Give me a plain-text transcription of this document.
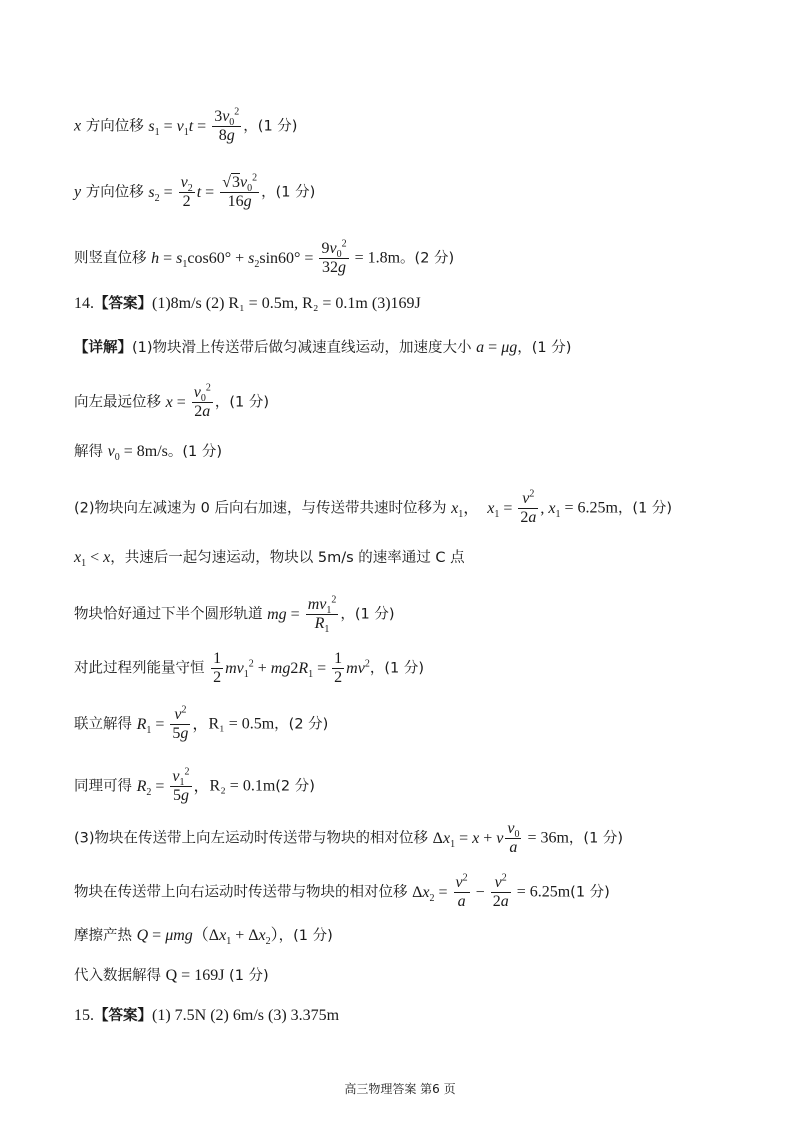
x 方向位移 $s_1 = v_1t = \frac{3v_0^2}{8g}$ ，(1 分)
y 方向位移 $s_2 = \frac{v_2}{2}$ $t = \frac{√3v_0^2}{16g}$ ，(1 分)
则竖直位移 $h = s_1\cos 60^\circ + s_2\sin 60^\circ = \frac{9v_0^2}{32g} = 1.8m$。(2 分)
14.【答案】(1)8m/s (2) R₁ = 0.5m, R₂ = 0.1m (3)169J
【详解】(1)物块滑上传送带后做匀减速直线运动，加速度大小 a = μg，(1 分)
向左最远位移 $x = \frac{v_0^2}{2a}$ ，(1 分)
解得 $v_0 = 8m/s$。(1 分)
(2)物块向左减速为 0 后向右加速，与传送带共速时位移为 $x_1$，  $x_1 = \frac{v^2}{2a}$ , $x_1 = 6.25m$，(1 分)
$x_1 < x$，共速后一起匀速运动，物块以 5m/s 的速率通过 C 点
物块恰好通过下半个圆形轨道 mg = $\frac{mv_1^2}{R_1}$ ，(1 分)
对此过程列能量守恒 $\frac{1}{2} mv_1^2 + mg2R_1 = \frac{1}{2} mv^2$，(1 分)
联立解得 $R_1 = \frac{v^2}{5g}$ ，R₁ = 0.5m，(2 分)
同理可得 $R_2 = \frac{v_1^2}{5g}$ ，R₂ = 0.1m(2 分)
(3)物块在传送带上向左运动时传送带与物块的相对位移 $\Delta x_1 = x + v \frac{v_0}{a} = 36m$，(1 分)
物块在传送带上向右运动时传送带与物块的相对位移 $\Delta x_2 = \frac{v^2}{a} - \frac{v^2}{2a} = 6.25m(1$ 分)
摩擦产热 $Q = \mu mg(\Delta x_1 + \Delta x_2)$，(1 分)
代入数据解得 Q = 169J (1 分)
15.【答案】(1) 7.5N (2) 6m/s (3) 3.375m
高三物理答案 第6 页
